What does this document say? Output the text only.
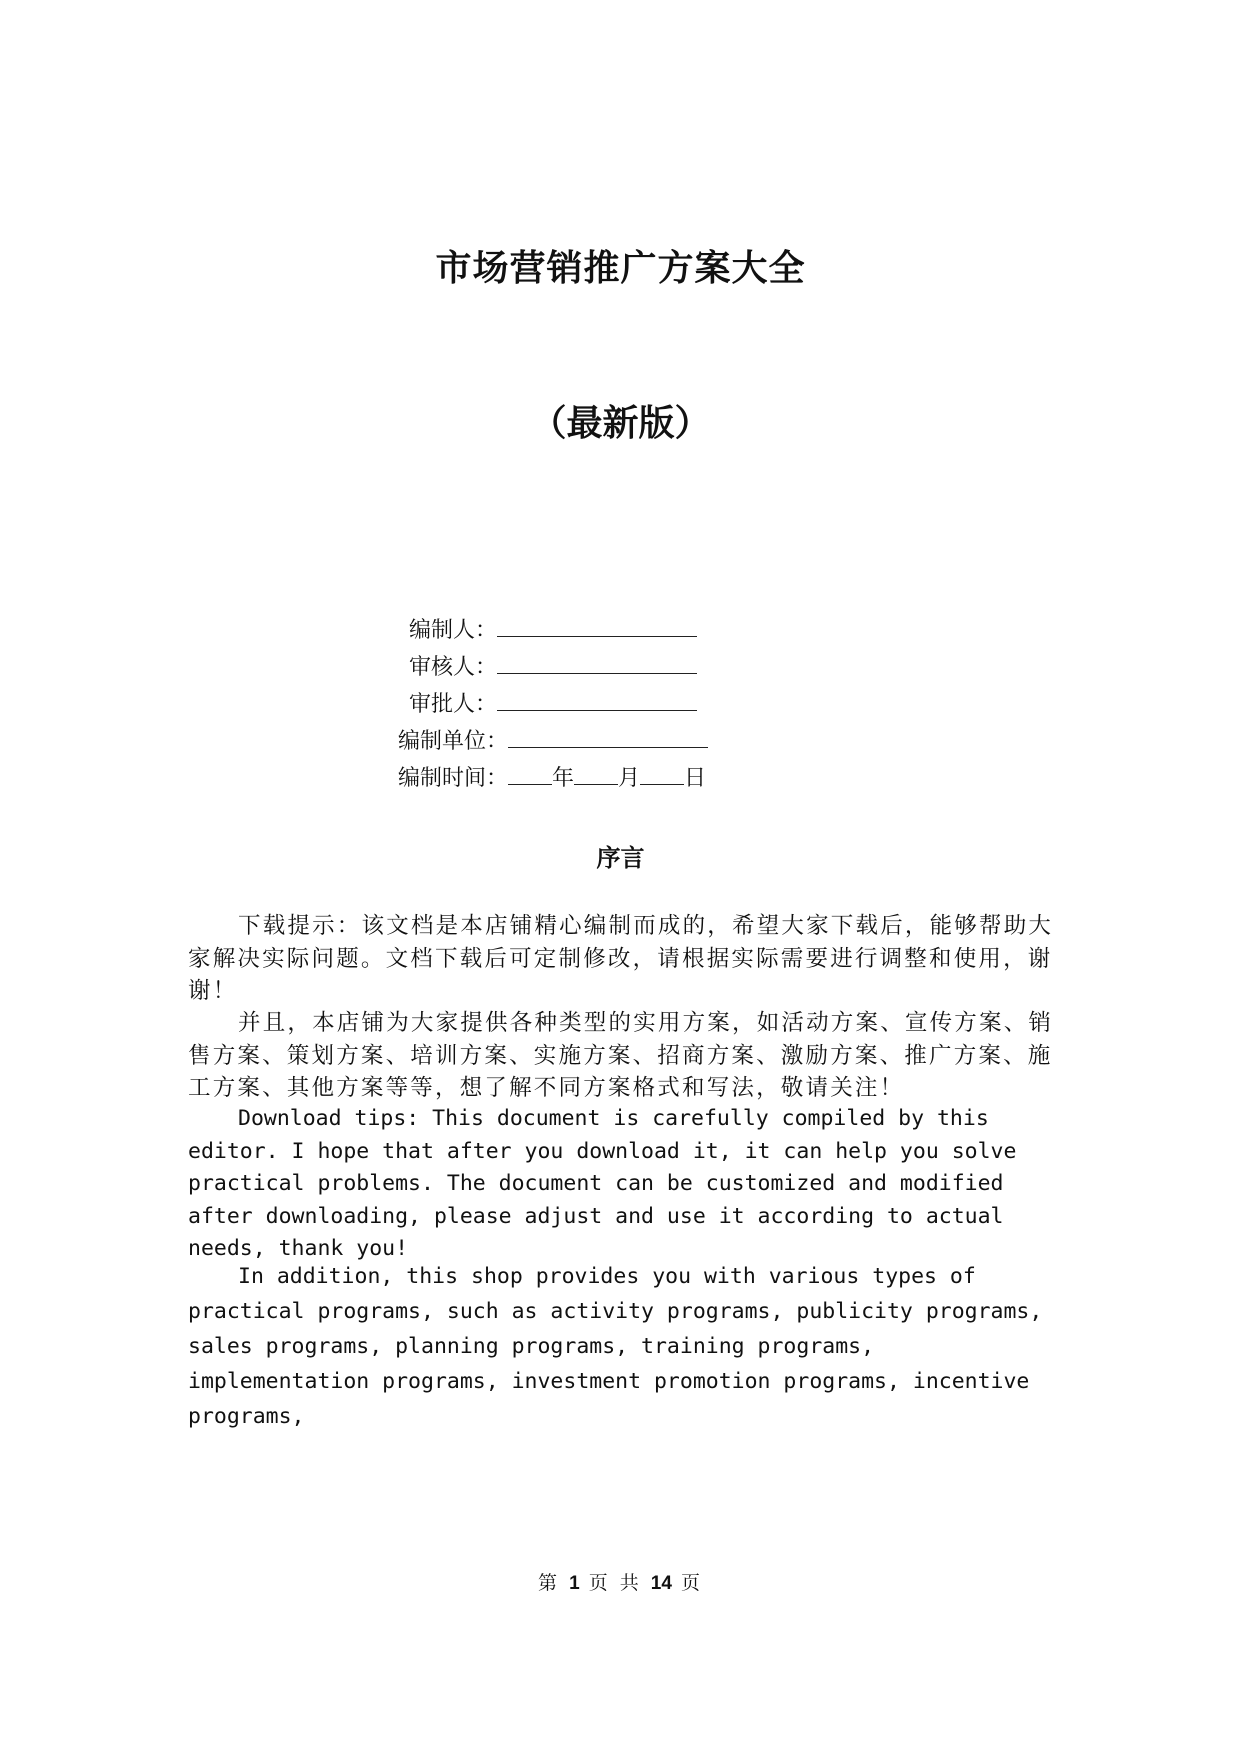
市场营销推广方案大全
（最新版）
编制人：
审核人：
审批人：
编制单位：
编制时间： 年 月 日
序言

下载提示：该文档是本店铺精心编制而成的，希望大家下载后，能够帮助大家解决实际问题。文档下载后可定制修改，请根据实际需要进行调整和使用，谢谢！

并且，本店铺为大家提供各种类型的实用方案，如活动方案、宣传方案、销售方案、策划方案、培训方案、实施方案、招商方案、激励方案、推广方案、施工方案、其他方案等等，想了解不同方案格式和写法，敬请关注！

Download tips: This document is carefully compiled by this editor. I hope that after you download it, it can help you solve practical problems. The document can be customized and modified after downloading, please adjust and use it according to actual needs, thank you!

In addition, this shop provides you with various types of practical programs, such as activity programs, publicity programs, sales programs, planning programs, training programs, implementation programs, investment promotion programs, incentive programs,

第 1 页 共 14 页
